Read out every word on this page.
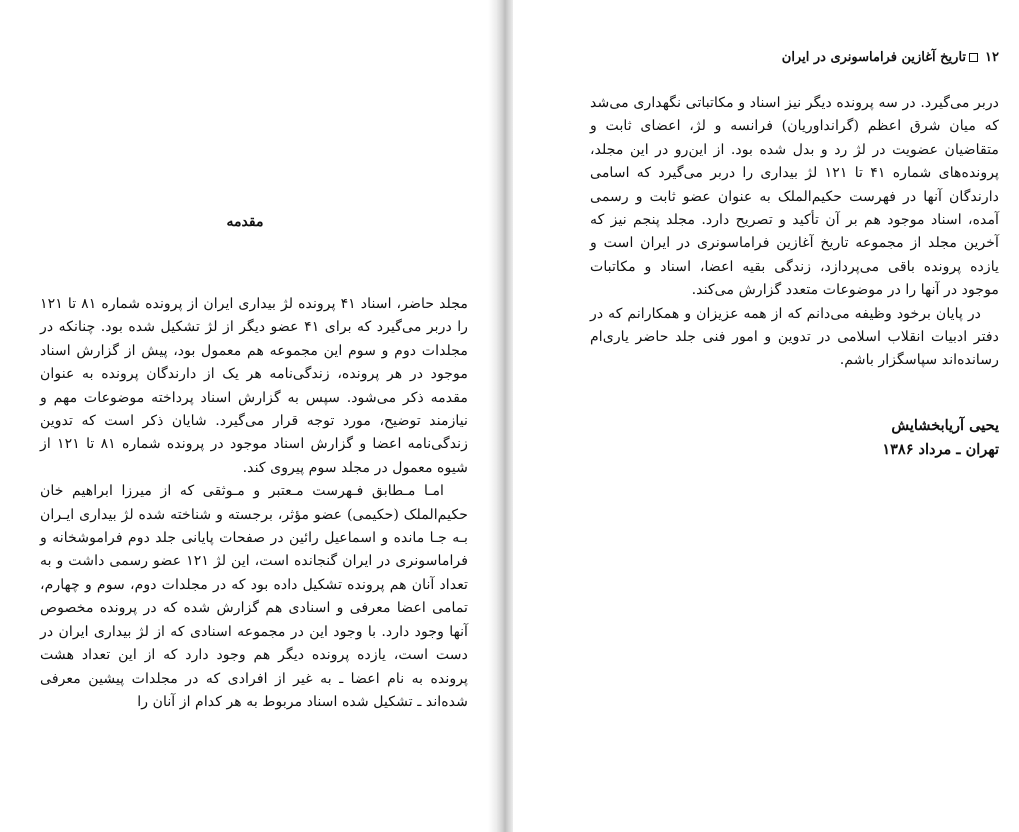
مقدمه

مجلد حاضر، اسناد ۴۱ پرونده لژ بیداری ایران از پرونده شماره ۸۱ تا ۱۲۱ را دربر می‌گیرد که برای ۴۱ عضو دیگر از لژ تشکیل شده بود. چنانکه در مجلدات دوم و سوم این مجموعه هم معمول بود، پیش از گزارش اسناد موجود در هر پرونده، زندگی‌نامه هر یک از دارندگان پرونده به عنوان مقدمه ذکر می‌شود. سپس به گزارش اسناد پرداخته موضوعات مهم و نیازمند توضیح، مورد توجه قرار می‌گیرد. شایان ذکر است که تدوین زندگی‌نامه اعضا و گزارش اسناد موجود در پرونده شماره ۸۱ تا ۱۲۱ از شیوه معمول در مجلد سوم پیروی کند.

امـا مـطابق فـهرست مـعتبر و مـوثقی که از میرزا ابراهیم خان حکیم‌الملک (حکیمی) عضو مؤثر، برجسته و شناخته شده لژ بیداری ایـران بـه جـا مانده و اسماعیل رائین در صفحات پایانی جلد دوم فراموشخانه و فراماسونری در ایران گنجانده است، این لژ ۱۲۱ عضو رسمی داشت و به تعداد آنان هم پرونده تشکیل داده بود که در مجلدات دوم، سوم و چهارم، تمامی اعضا معرفی و اسنادی هم گزارش شده که در پرونده مخصوص آنها وجود دارد. با وجود این در مجموعه اسنادی که از لژ بیداری ایران در دست است، یازده پرونده دیگر هم وجود دارد که از این تعداد هشت پرونده به نام اعضا ـ به غیر از افرادی که در مجلدات پیشین معرفی شده‌اند ـ تشکیل شده اسناد مربوط به هر کدام از آنان را

۱۲تاریخ آغازین فراماسونری در ایران

دربر می‌گیرد. در سه پرونده دیگر نیز اسناد و مکاتباتی نگهداری می‌شد که میان شرق اعظم (گراند‌اوریان) فرانسه و لژ، اعضای ثابت و متقاضیان عضویت در لژ رد و بدل شده بود. از این‌رو در این مجلد، پرونده‌های شماره ۴۱ تا ۱۲۱ لژ بیداری را دربر می‌گیرد که اسامی دارندگان آنها در فهرست حکیم‌الملک به عنوان عضو ثابت و رسمی آمده، اسناد موجود هم بر آن تأکید و تصریح دارد. مجلد پنجم نیز که آخرین مجلد از مجموعه تاریخ آغازین فراماسونری در ایران است و یازده پرونده باقی می‌پردازد، زندگی بقیه اعضا، اسناد و مکاتبات موجود در آنها را در موضوعات متعدد گزارش می‌کند.

در پایان برخود وظیفه می‌دانم که از همه عزیزان و همکارانم که در دفتر ادبیات انقلاب اسلامی در تدوین و امور فنی جلد حاضر یاری‌ام رسانده‌اند سپاسگزار باشم.

یحیی آریابخشایش
تهران ـ مرداد ۱۳۸۶
